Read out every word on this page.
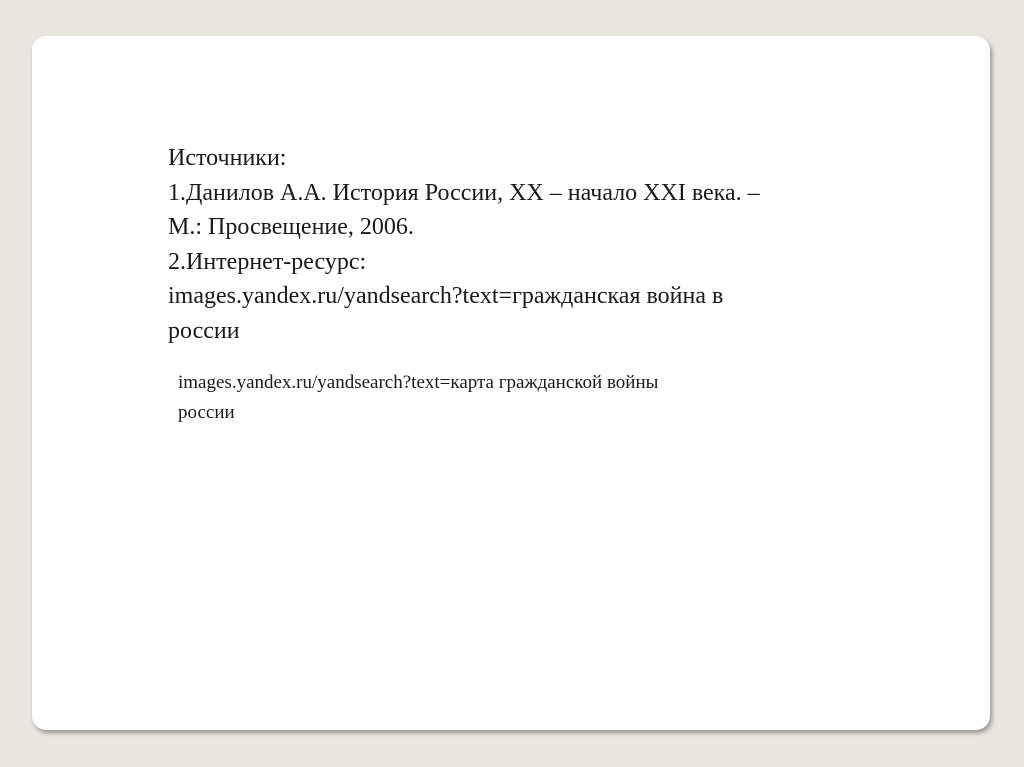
Источники:
1.Данилов А.А. История России, ХХ – начало XXI века. –
М.: Просвещение, 2006.
2.Интернет-ресурс:
images.yandex.ru/yandsearch?text=гражданская война в
россии
images.yandex.ru/yandsearch?text=карта гражданской войны
россии
